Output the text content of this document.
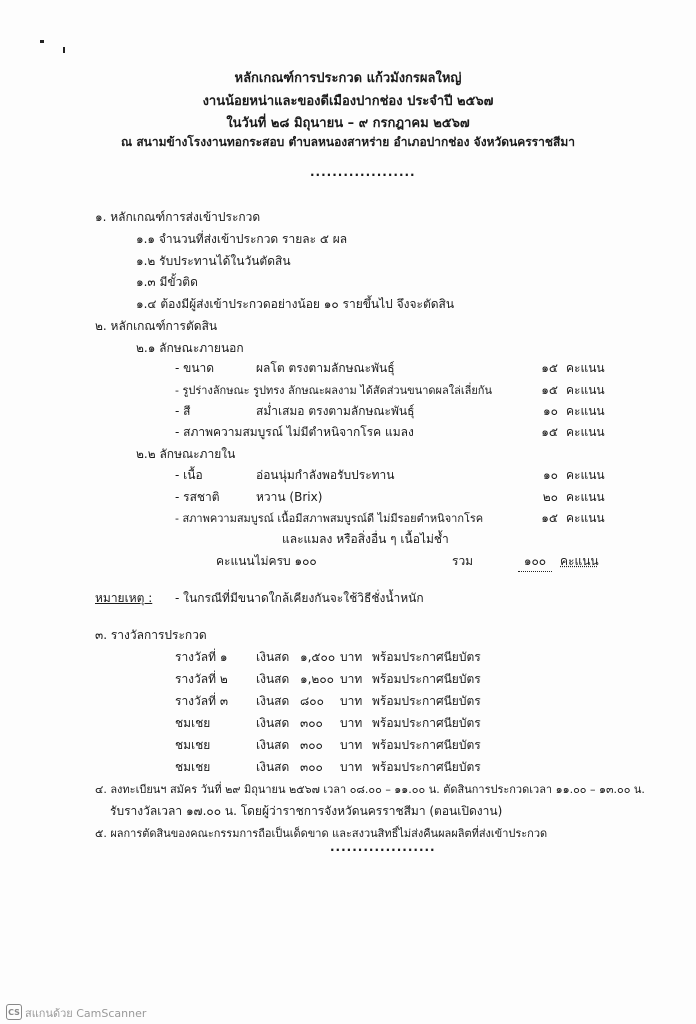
หลักเกณฑ์การประกวด แก้วมังกรผลใหญ่
งานน้อยหน่าและของดีเมืองปากช่อง ประจำปี ๒๕๖๗
ในวันที่ ๒๘ มิถุนายน – ๙ กรกฎาคม ๒๕๖๗
ณ สนามข้างโรงงานทอกระสอบ ตำบลหนองสาหร่าย อำเภอปากช่อง จังหวัดนครราชสีมา
...................
๑. หลักเกณฑ์การส่งเข้าประกวด
๑.๑ จำนวนที่ส่งเข้าประกวด รายละ ๕ ผล
๑.๒ รับประทานได้ในวันตัดสิน
๑.๓ มีขั้วติด
๑.๔ ต้องมีผู้ส่งเข้าประกวดอย่างน้อย ๑๐ รายขึ้นไป จึงจะตัดสิน
๒. หลักเกณฑ์การตัดสิน
๒.๑ ลักษณะภายนอก
- ขนาด	ผลโต ตรงตามลักษณะพันธุ์	๑๕ คะแนน
- รูปร่างลักษณะ รูปทรง ลักษณะผลงาม ได้สัดส่วนขนาดผลใล่เลี่ยกัน	๑๕ คะแนน
- สี	สม่ำเสมอ ตรงตามลักษณะพันธุ์	๑๐ คะแนน
- สภาพความสมบูรณ์ ไม่มีตำหนิจากโรค แมลง	๑๕ คะแนน
๒.๒ ลักษณะภายใน
- เนื้อ	อ่อนนุ่มกำลังพอรับประทาน	๑๐ คะแนน
- รสชาติ	หวาน (Brix)	๒๐ คะแนน
- สภาพความสมบูรณ์ เนื้อมีสภาพสมบูรณ์ดี ไม่มีรอยตำหนิจากโรค	๑๕ คะแนน
และแมลง หรือสิ่งอื่น ๆ เนื้อไม่ช้ำ
คะแนนไม่ครบ ๑๐๐	รวม	๑๐๐	คะแนน
หมายเหตุ : - ในกรณีที่มีขนาดใกล้เคียงกันจะใช้วิธีชั่งน้ำหนัก
๓. รางวัลการประกวด
รางวัลที่ ๑ เงินสด ๑,๕๐๐ บาท พร้อมประกาศนียบัตร
รางวัลที่ ๒ เงินสด ๑,๒๐๐ บาท พร้อมประกาศนียบัตร
รางวัลที่ ๓ เงินสด ๘๐๐ บาท พร้อมประกาศนียบัตร
ชมเชย	เงินสด ๓๐๐ บาท พร้อมประกาศนียบัตร
ชมเชย	เงินสด ๓๐๐ บาท พร้อมประกาศนียบัตร
ชมเชย	เงินสด ๓๐๐ บาท พร้อมประกาศนียบัตร
๔. ลงทะเบียนฯ สมัคร วันที่ ๒๙ มิถุนายน ๒๕๖๗ เวลา ๐๘.๐๐ – ๑๑.๐๐ น. ตัดสินการประกวดเวลา ๑๑.๐๐ – ๑๓.๐๐ น.
รับรางวัลเวลา ๑๗.๐๐ น. โดยผู้ว่าราชการจังหวัดนครราชสีมา (ตอนเปิดงาน)
๕. ผลการตัดสินของคณะกรรมการถือเป็นเด็ดขาด และสงวนสิทธิ์ไม่ส่งคืนผลผลิตที่ส่งเข้าประกวด
...................
CS สแกนด้วย CamScanner
